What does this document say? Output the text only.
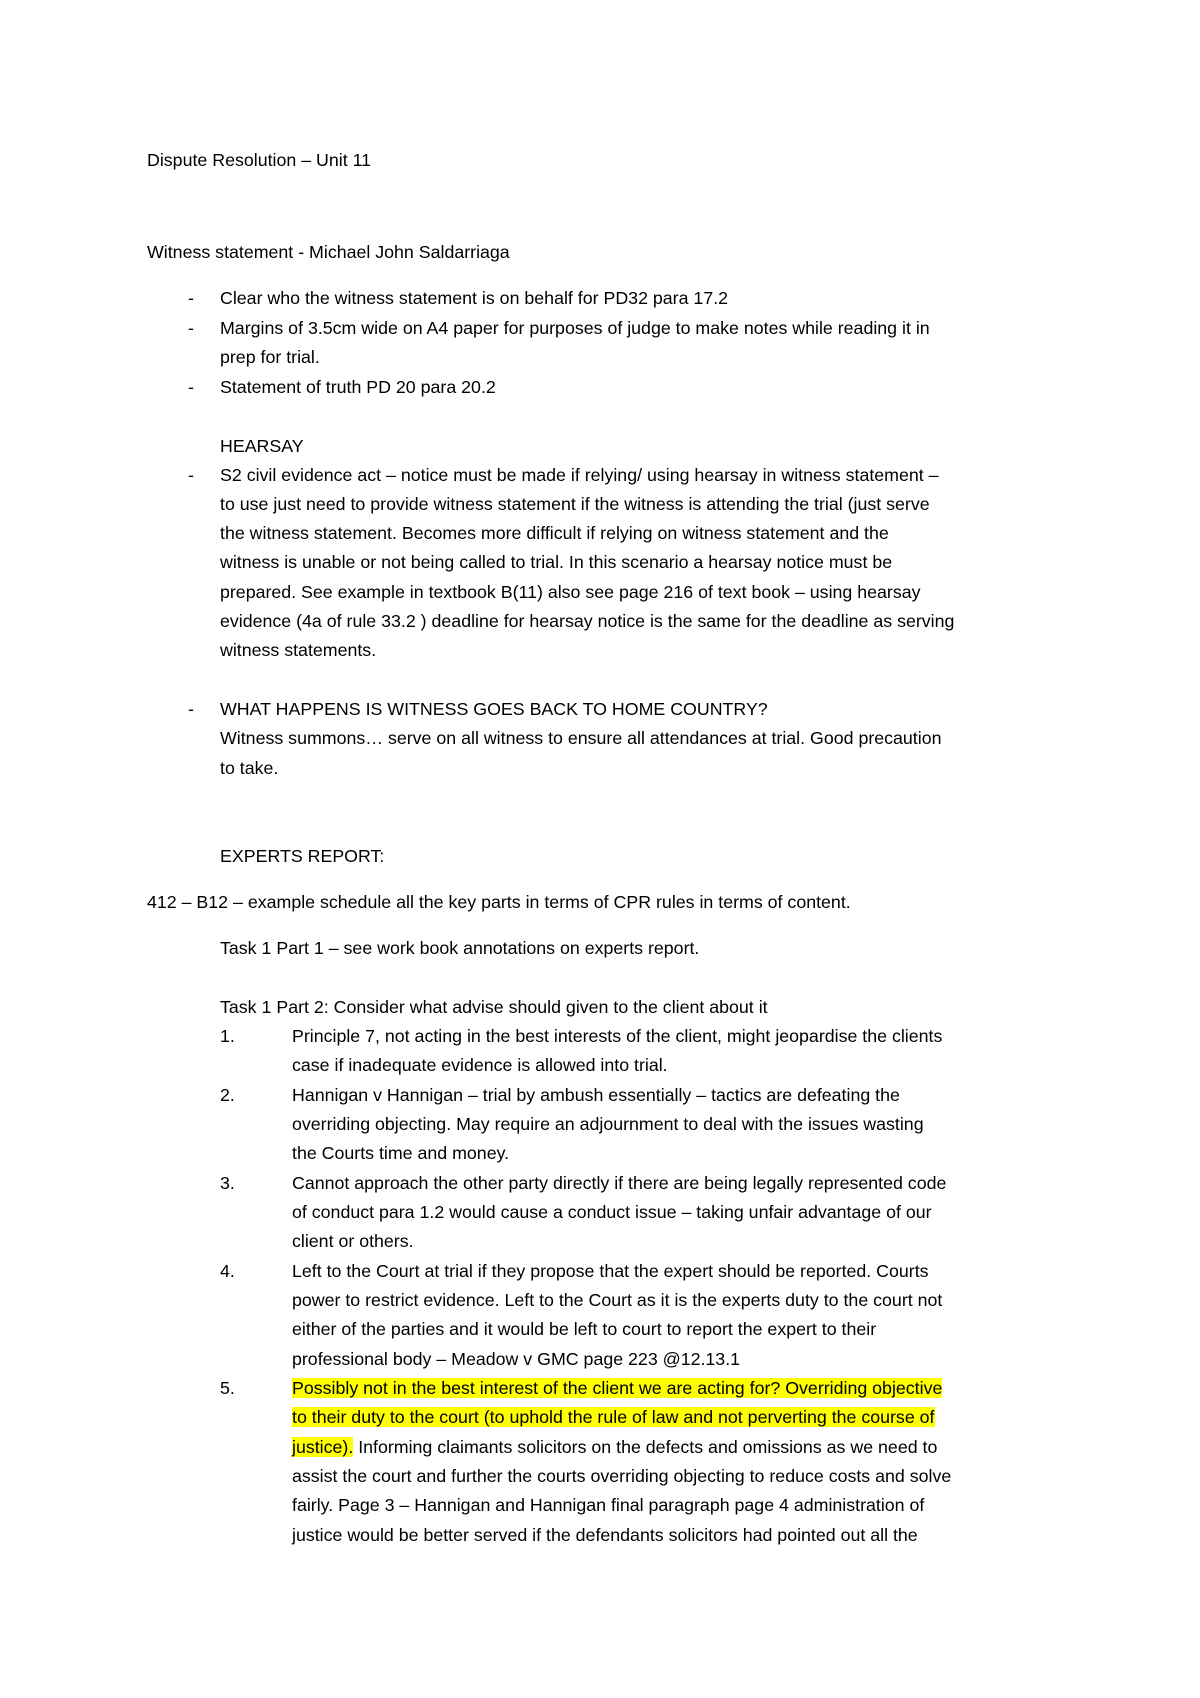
Dispute Resolution – Unit 11

Witness statement - Michael John Saldarriaga

- Clear who the witness statement is on behalf for PD32 para 17.2

- Margins of 3.5cm wide on A4 paper for purposes of judge to make notes while reading it in

prep for trial.

- Statement of truth PD 20 para 20.2

HEARSAY

- S2 civil evidence act – notice must be made if relying/ using hearsay in witness statement –

to use just need to provide witness statement if the witness is attending the trial (just serve

the witness statement. Becomes more difficult if relying on witness statement and the

witness is unable or not being called to trial. In this scenario a hearsay notice must be

prepared. See example in textbook B(11) also see page 216 of text book – using hearsay

evidence (4a of rule 33.2 ) deadline for hearsay notice is the same for the deadline as serving

witness statements.

- WHAT HAPPENS IS WITNESS GOES BACK TO HOME COUNTRY?

Witness summons… serve on all witness to ensure all attendances at trial. Good precaution

to take.

EXPERTS REPORT:

412 – B12 – example schedule all the key parts in terms of CPR rules in terms of content.

Task 1 Part 1 – see work book annotations on experts report.

Task 1 Part 2: Consider what advise should given to the client about it

1.	Principle 7, not acting in the best interests of the client, might jeopardise the clients

case if inadequate evidence is allowed into trial.

2.	Hannigan v Hannigan – trial by ambush essentially – tactics are defeating the

overriding objecting. May require an adjournment to deal with the issues wasting

the Courts time and money.

3.	Cannot approach the other party directly if there are being legally represented code

of conduct para 1.2 would cause a conduct issue – taking unfair advantage of our

client or others.

4.	Left to the Court at trial if they propose that the expert should be reported. Courts

power to restrict evidence. Left to the Court as it is the experts duty to the court not

either of the parties and it would be left to court to report the expert to their

professional body – Meadow v GMC page 223 @12.13.1

5.	Possibly not in the best interest of the client we are acting for? Overriding objective

to their duty to the court (to uphold the rule of law and not perverting the course of

justice). Informing claimants solicitors on the defects and omissions as we need to

assist the court and further the courts overriding objecting to reduce costs and solve

fairly. Page 3 – Hannigan and Hannigan final paragraph page 4 administration of

justice would be better served if the defendants solicitors had pointed out all the
